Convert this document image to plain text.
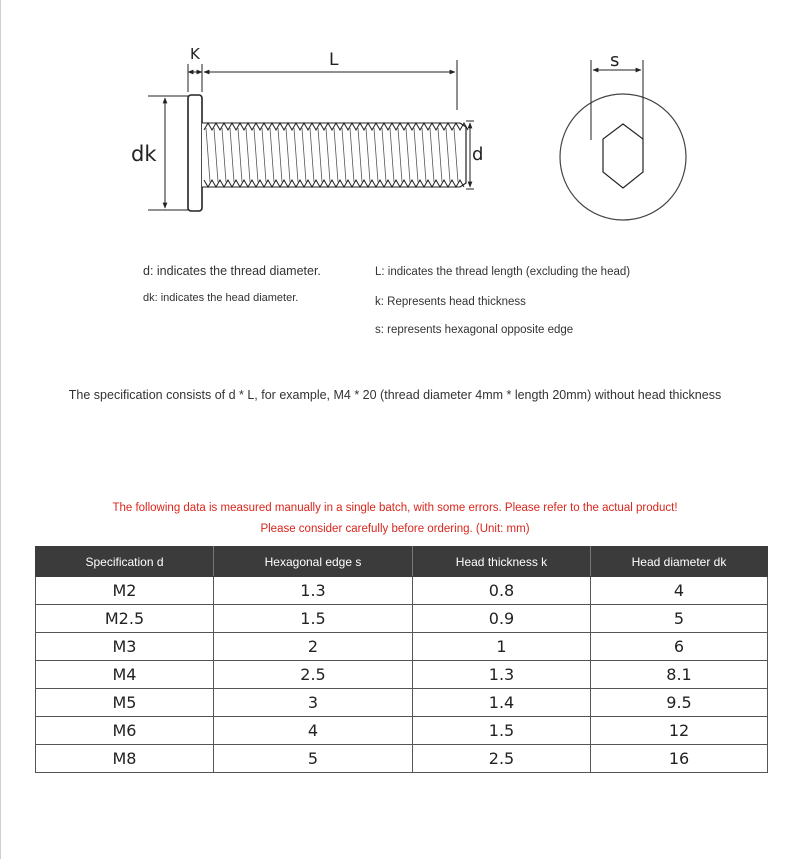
K	L
dk	d
s
d: indicates the thread diameter.
dk: indicates the head diameter.
L: indicates the thread length (excluding the head)
k: Represents head thickness
s: represents hexagonal opposite edge
The specification consists of d * L, for example, M4 * 20 (thread diameter 4mm * length 20mm) without head thickness
The following data is measured manually in a single batch, with some errors. Please refer to the actual product!
Please consider carefully before ordering. (Unit: mm)
Specification d	Hexagonal edge s	Head thickness k	Head diameter dk
M2	1.3	0.8	4
M2.5	1.5	0.9	5
M3	2	1	6
M4	2.5	1.3	8.1
M5	3	1.4	9.5
M6	4	1.5	12
M8	5	2.5	16
